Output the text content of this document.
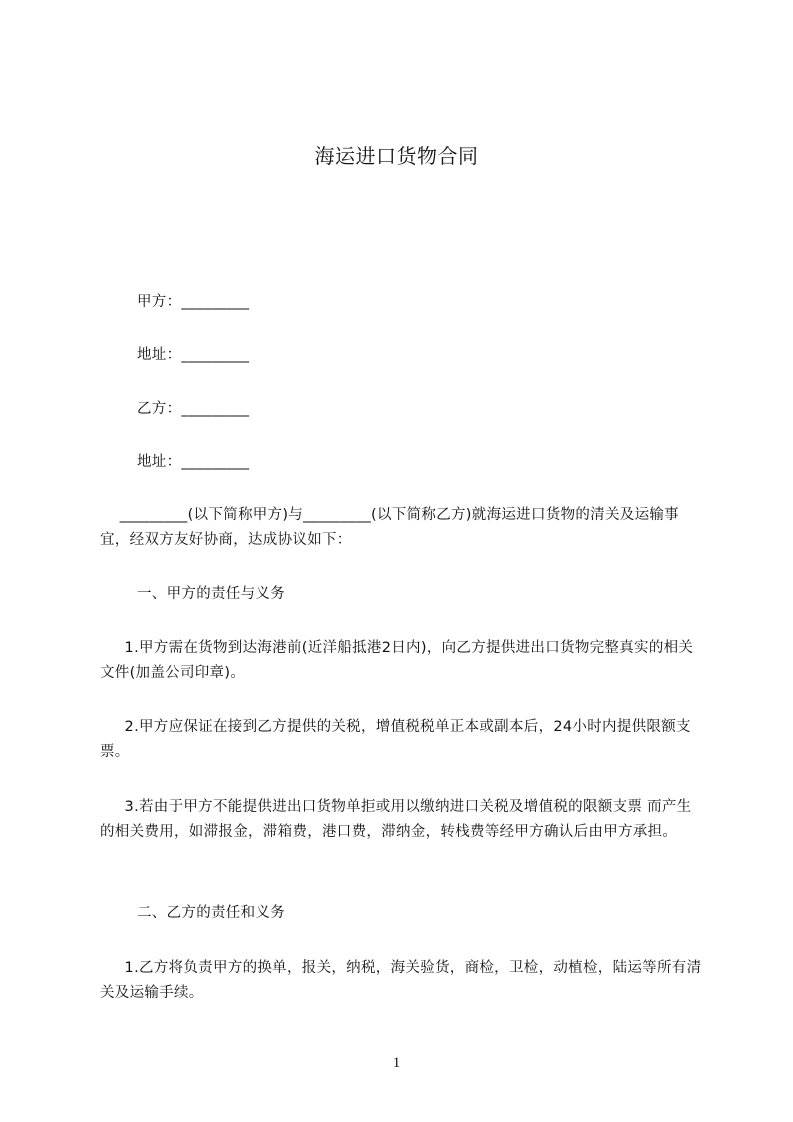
海运进口货物合同
甲方：_________
地址：_________
乙方：_________
地址：_________
_________(以下简称甲方)与_________(以下简称乙方)就海运进口货物的清关及运输事宜，经双方友好协商，达成协议如下：
一、甲方的责任与义务
1.甲方需在货物到达海港前(近洋船抵港2日内)，向乙方提供进出口货物完整真实的相关文件(加盖公司印章)。
2.甲方应保证在接到乙方提供的关税，增值税税单正本或副本后，24小时内提供限额支票。
3.若由于甲方不能提供进出口货物单拒或用以缴纳进口关税及增值税的限额支票 而产生的相关费用，如滞报金，滞箱费，港口费，滞纳金，转栈费等经甲方确认后由甲方承担。
二、乙方的责任和义务
1.乙方将负责甲方的换单，报关，纳税，海关验货，商检，卫检，动植检，陆运等所有清关及运输手续。
1
